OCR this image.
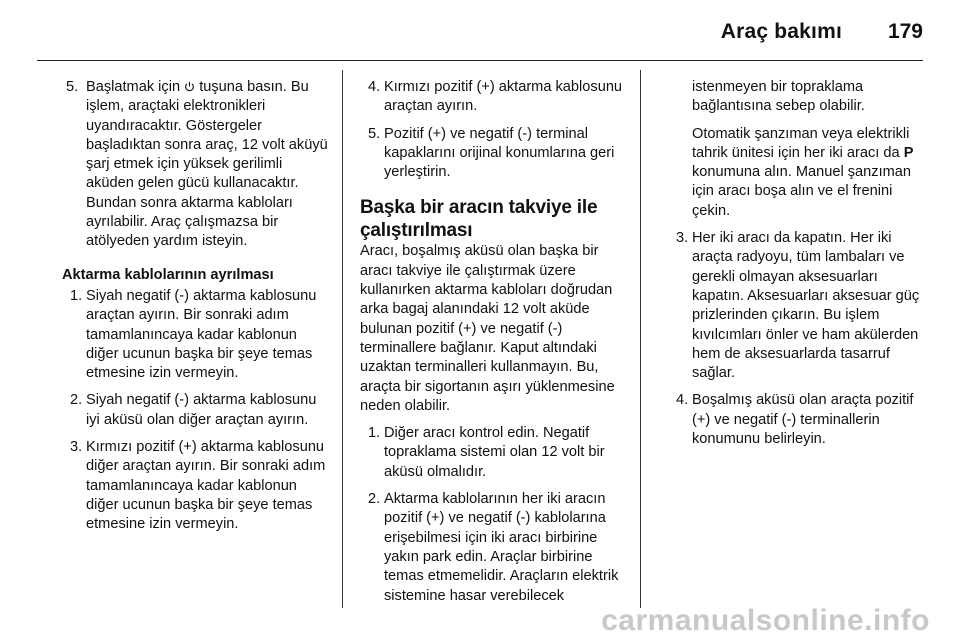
Araç bakımı 179
5. Başlatmak için tuşuna basın. Bu işlem, araçtaki elektronikleri uyandıracaktır. Göstergeler başladıktan sonra araç, 12 volt aküyü şarj etmek için yüksek gerilimli aküden gelen gücü kullanacaktır. Bundan sonra aktarma kabloları ayrılabilir. Araç çalışmazsa bir atölyeden yardım isteyin.
Aktarma kablolarının ayrılması
1. Siyah negatif (-) aktarma kablosunu araçtan ayırın. Bir sonraki adım tamamlanıncaya kadar kablonun diğer ucunun başka bir şeye temas etmesine izin vermeyin.
2. Siyah negatif (-) aktarma kablosunu iyi aküsü olan diğer araçtan ayırın.
3. Kırmızı pozitif (+) aktarma kablosunu diğer araçtan ayırın. Bir sonraki adım tamamlanıncaya kadar kablonun diğer ucunun başka bir şeye temas etmesine izin vermeyin.
4. Kırmızı pozitif (+) aktarma kablosunu araçtan ayırın.
5. Pozitif (+) ve negatif (-) terminal kapaklarını orijinal konumlarına geri yerleştirin.
Başka bir aracın takviye ile çalıştırılması

Aracı, boşalmış aküsü olan başka bir aracı takviye ile çalıştırmak üzere kullanırken aktarma kabloları doğrudan arka bagaj alanındaki 12 volt aküde bulunan pozitif (+) ve negatif (-) terminallere bağlanır. Kaput altındaki uzaktan terminalleri kullanmayın. Bu, araçta bir sigortanın aşırı yüklenmesine neden olabilir.

1. Diğer aracı kontrol edin. Negatif topraklama sistemi olan 12 volt bir aküsü olmalıdır.
2. Aktarma kablolarının her iki aracın pozitif (+) ve negatif (-) kablolarına erişebilmesi için iki aracı birbirine yakın park edin. Araçlar birbirine temas etmemelidir. Araçların elektrik sistemine hasar verebilecek

istenmeyen bir topraklama bağlantısına sebep olabilir.

Otomatik şanzıman veya elektrikli tahrik ünitesi için her iki aracı da P konumuna alın. Manuel şanzıman için aracı boşa alın ve el frenini çekin.

3. Her iki aracı da kapatın. Her iki araçta radyoyu, tüm lambaları ve gerekli olmayan aksesuarları kapatın. Aksesuarları aksesuar güç prizlerinden çıkarın. Bu işlem kıvılcımları önler ve ham akülerden hem de aksesuarlarda tasarruf sağlar.
4. Boşalmış aküsü olan araçta pozitif (+) ve negatif (-) terminallerin konumunu belirleyin.
carmanualsonline.info
